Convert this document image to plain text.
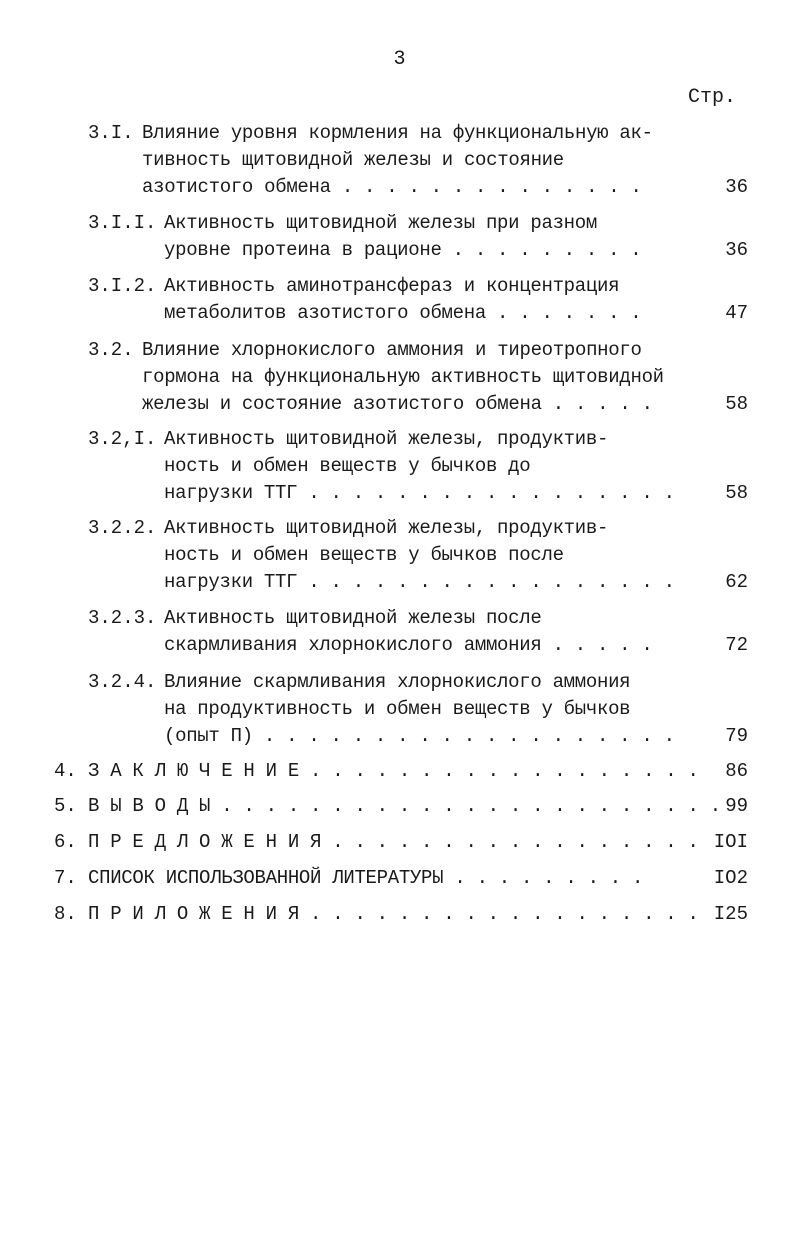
3
Стр.
3.I. Влияние уровня кормления на функциональную ак-
тивность щитовидной железы и состояние
азотистого обмена . . . . . . . . . . . . . .	36
3.I.I. Активность щитовидной железы при разном
уровне протеина в рационе . . . . . . . . .	36
3.I.2. Активность аминотрансфераз и концентрация
метаболитов азотистого обмена . . . . . . .	47
3.2. Влияние хлорнокислого аммония и тиреотропного
гормона на функциональную активность щитовидной
железы и состояние азотистого обмена . . . . .	58
3.2,I. Активность щитовидной железы, продуктив-
ность и обмен веществ у бычков до
нагрузки ТТГ . . . . . . . . . . . . . . . . .	58
3.2.2. Активность щитовидной железы, продуктив-
ность и обмен веществ у бычков после
нагрузки ТТГ . . . . . . . . . . . . . . . . .	62
3.2.3. Активность щитовидной железы после
скармливания хлорнокислого аммония . . . . .	72
3.2.4. Влияние скармливания хлорнокислого аммония
на продуктивность и обмен веществ у бычков
(опыт П) . . . . . . . . . . . . . . . . . . .	79
4. З А К Л Ю Ч Е Н И Е . . . . . . . . . . . . . . . . . .	86
5. В Ы В О Д Ы . . . . . . . . . . . . . . . . . . . . . . . 99
6. П Р Е Д Л О Ж Е Н И Я . . . . . . . . . . . . . . . . . IOI
7. СПИСОК ИСПОЛЬЗОВАННОЙ ЛИТЕРАТУРЫ . . . . . . . . .	IO2
8. П Р И Л О Ж Е Н И Я . . . . . . . . . . . . . . . . . . I25
